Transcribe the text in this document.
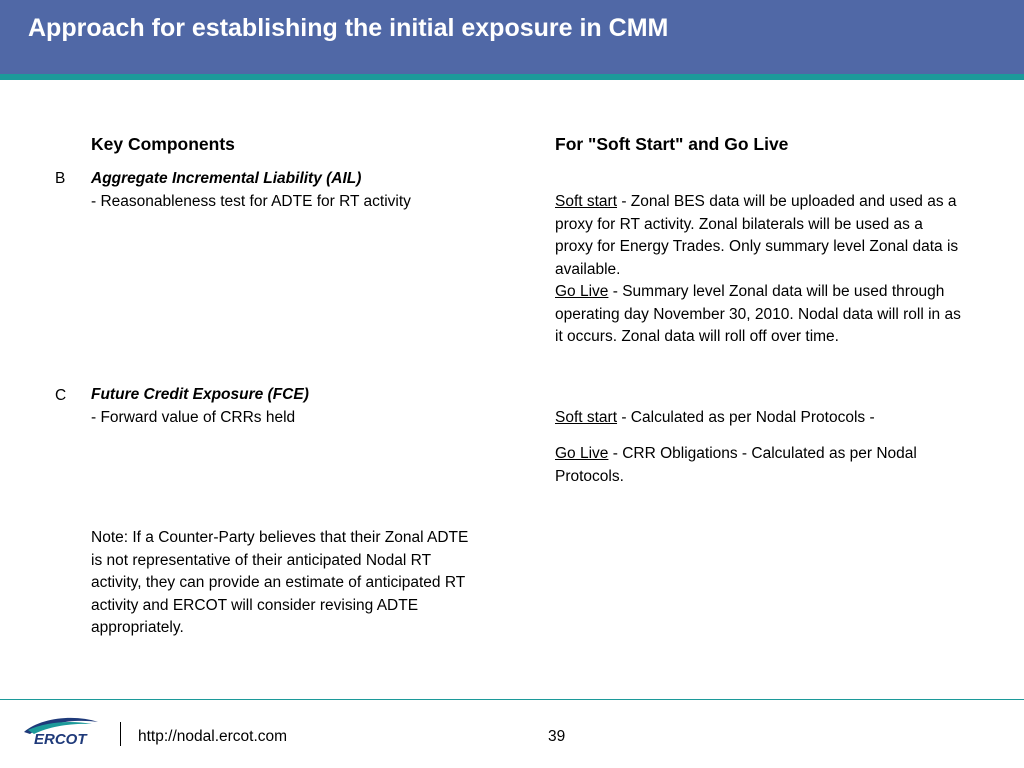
Approach for establishing the initial exposure in CMM
Key Components	For "Soft Start" and Go Live
B Aggregate Incremental Liability (AIL)
- Reasonableness test for ADTE for RT activity	Soft start - Zonal BES data will be uploaded and used as a proxy for RT activity. Zonal bilaterals will be used as a proxy for Energy Trades. Only summary level Zonal data is available.
Go Live - Summary level Zonal data will be used through operating day November 30, 2010. Nodal data will roll in as it occurs. Zonal data will roll off over time.
C Future Credit Exposure (FCE)
- Forward value of CRRs held	Soft start - Calculated as per Nodal Protocols -
Go Live - CRR Obligations - Calculated as per Nodal Protocols.
Note: If a Counter-Party believes that their Zonal ADTE is not representative of their anticipated Nodal RT activity, they can provide an estimate of anticipated RT activity and ERCOT will consider revising ADTE appropriately.
ERCOT	http://nodal.ercot.com	39
